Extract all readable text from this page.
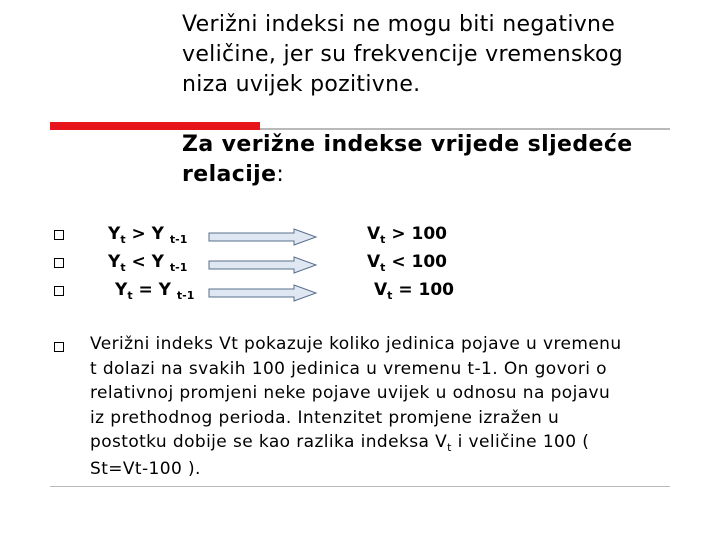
Verižni indeksi ne mogu biti negativne
veličine, jer su frekvencije vremenskog
niza uvijek pozitivne.
Za verižne indekse vrijede sljedeće
relacije:
$Y_t > Y$ $_{t-1}$
$Y_t < Y$ $_{t-1}$
$Y_t = Y$ $_{t-1}$
$V_t > 100$
$V_t < 100$
$V_t = 100$
Verižni indeks Vt pokazuje koliko jedinica pojave u vremenu
t dolazi na svakih 100 jedinica u vremenu t-1. On govori o
relativnoj promjeni neke pojave uvijek u odnosu na pojavu
iz prethodnog perioda. Intenzitet promjene izražen u
postotku dobije se kao razlika indeksa $V_t$ i veličine 100 (
St=Vt-100 ).
